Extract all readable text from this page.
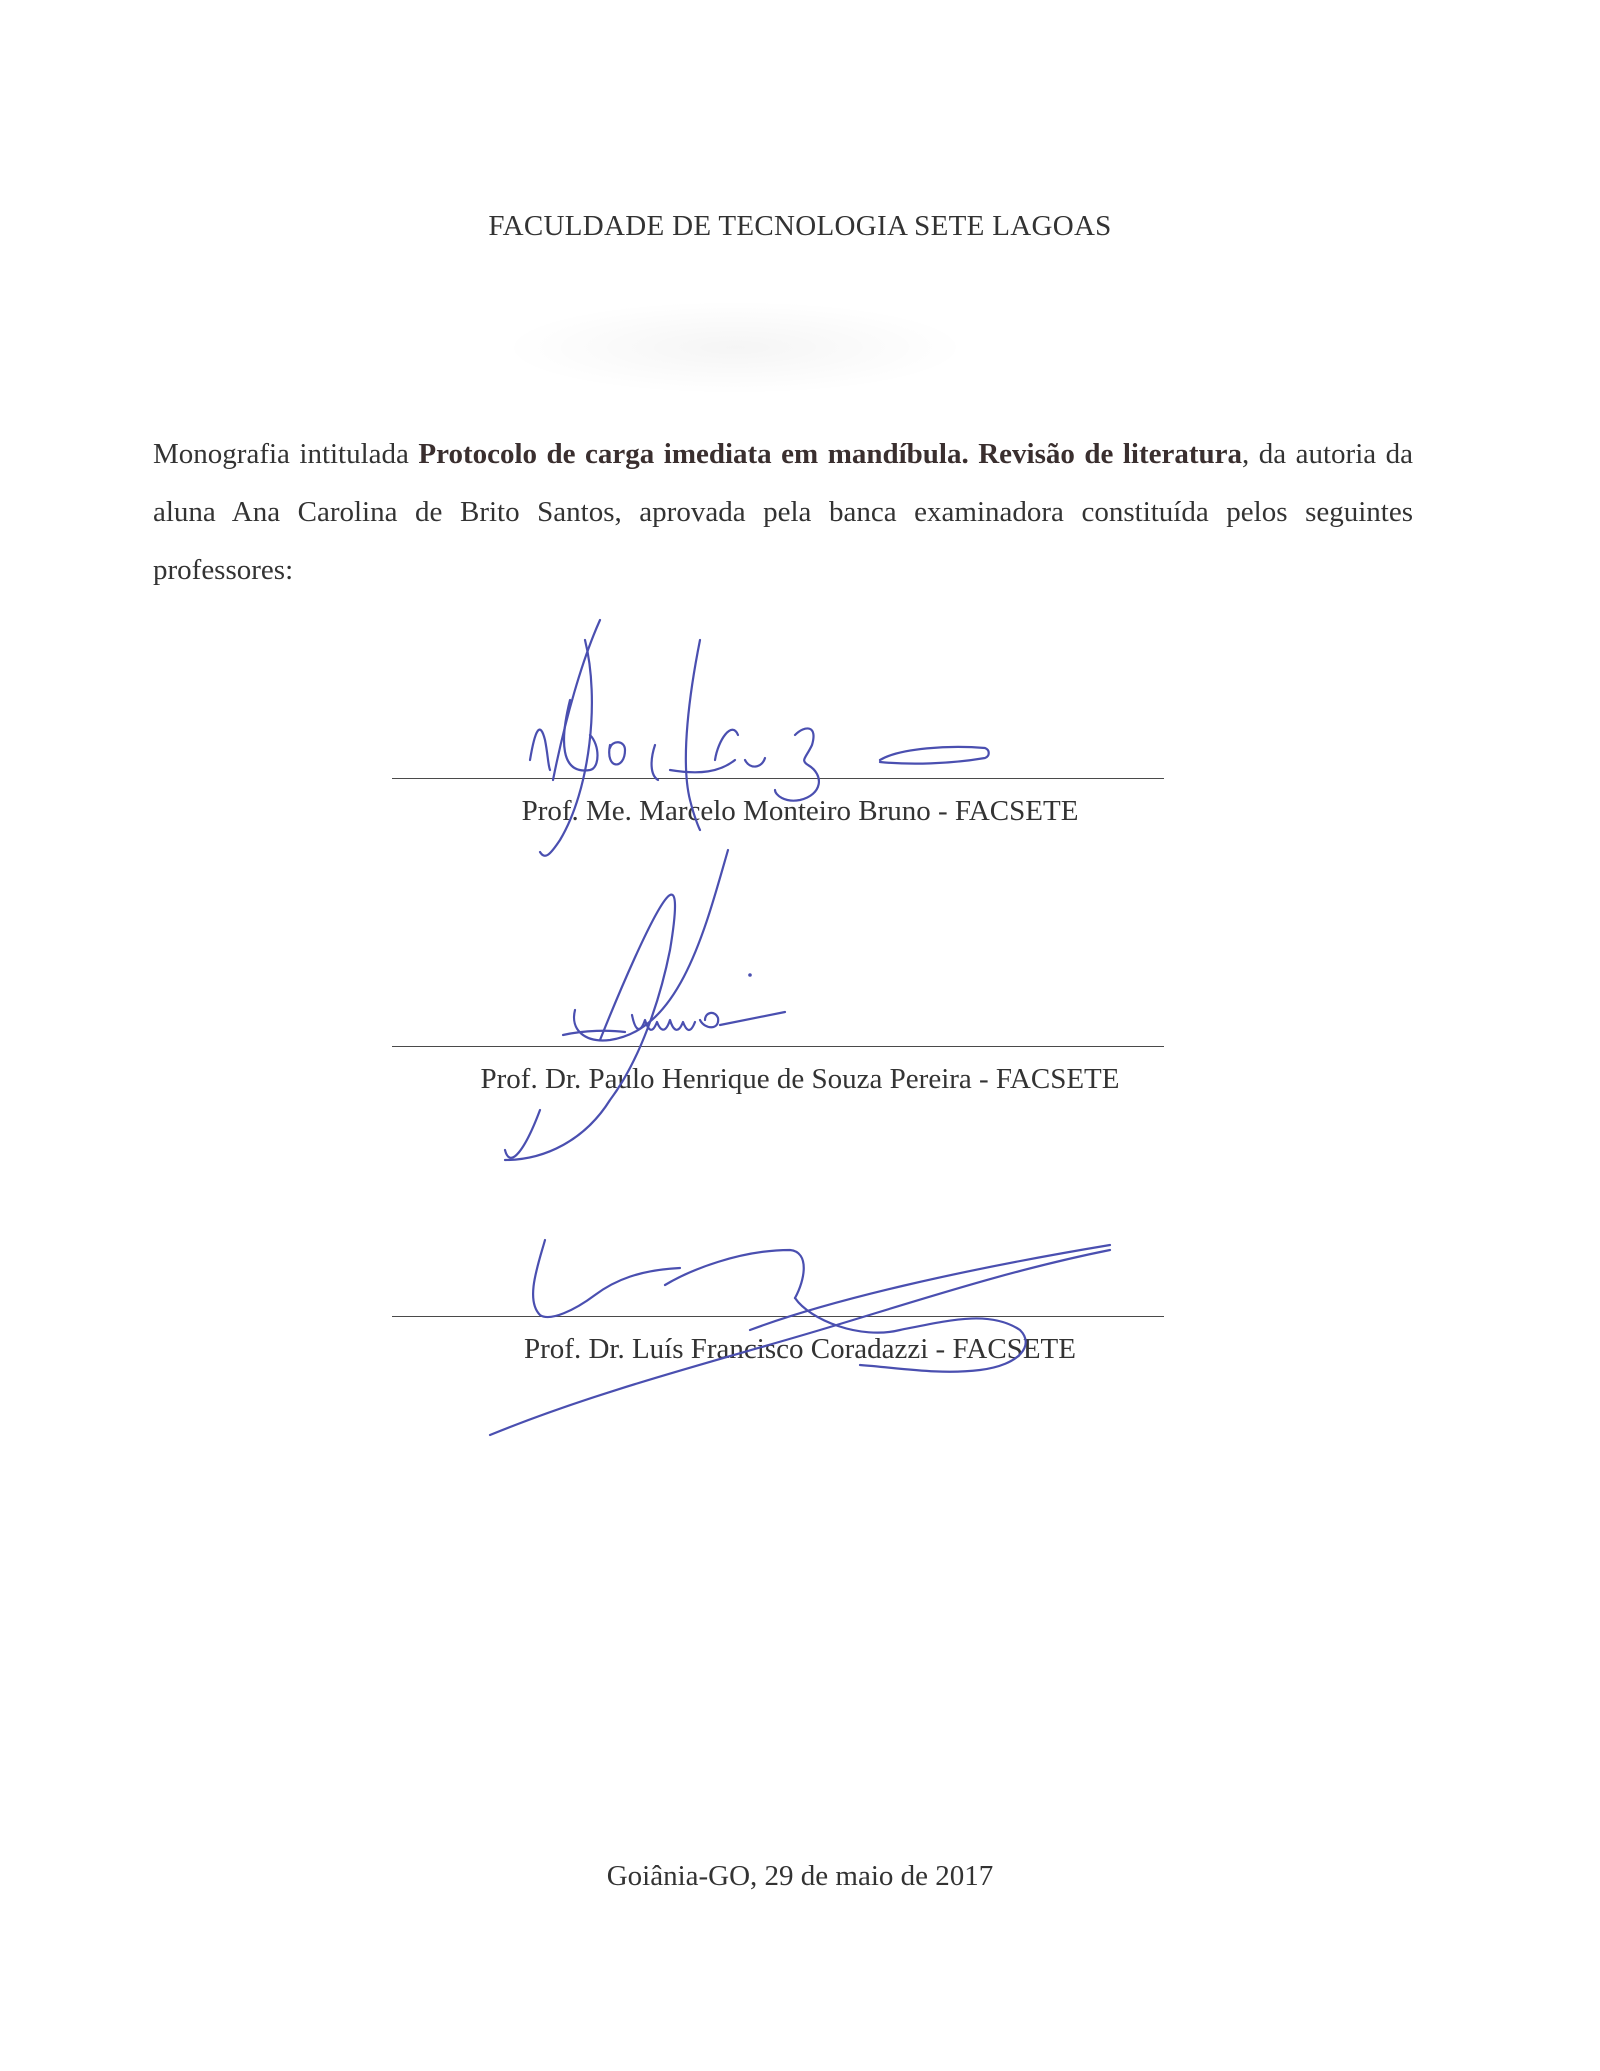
FACULDADE DE TECNOLOGIA SETE LAGOAS
Monografia intitulada Protocolo de carga imediata em mandíbula. Revisão de literatura, da autoria da aluna Ana Carolina de Brito Santos, aprovada pela banca examinadora constituída pelos seguintes professores:
Prof. Me. Marcelo Monteiro Bruno - FACSETE
Prof. Dr. Paulo Henrique de Souza Pereira - FACSETE
Prof. Dr. Luís Francisco Coradazzi - FACSETE
Goiânia-GO, 29 de maio de 2017
